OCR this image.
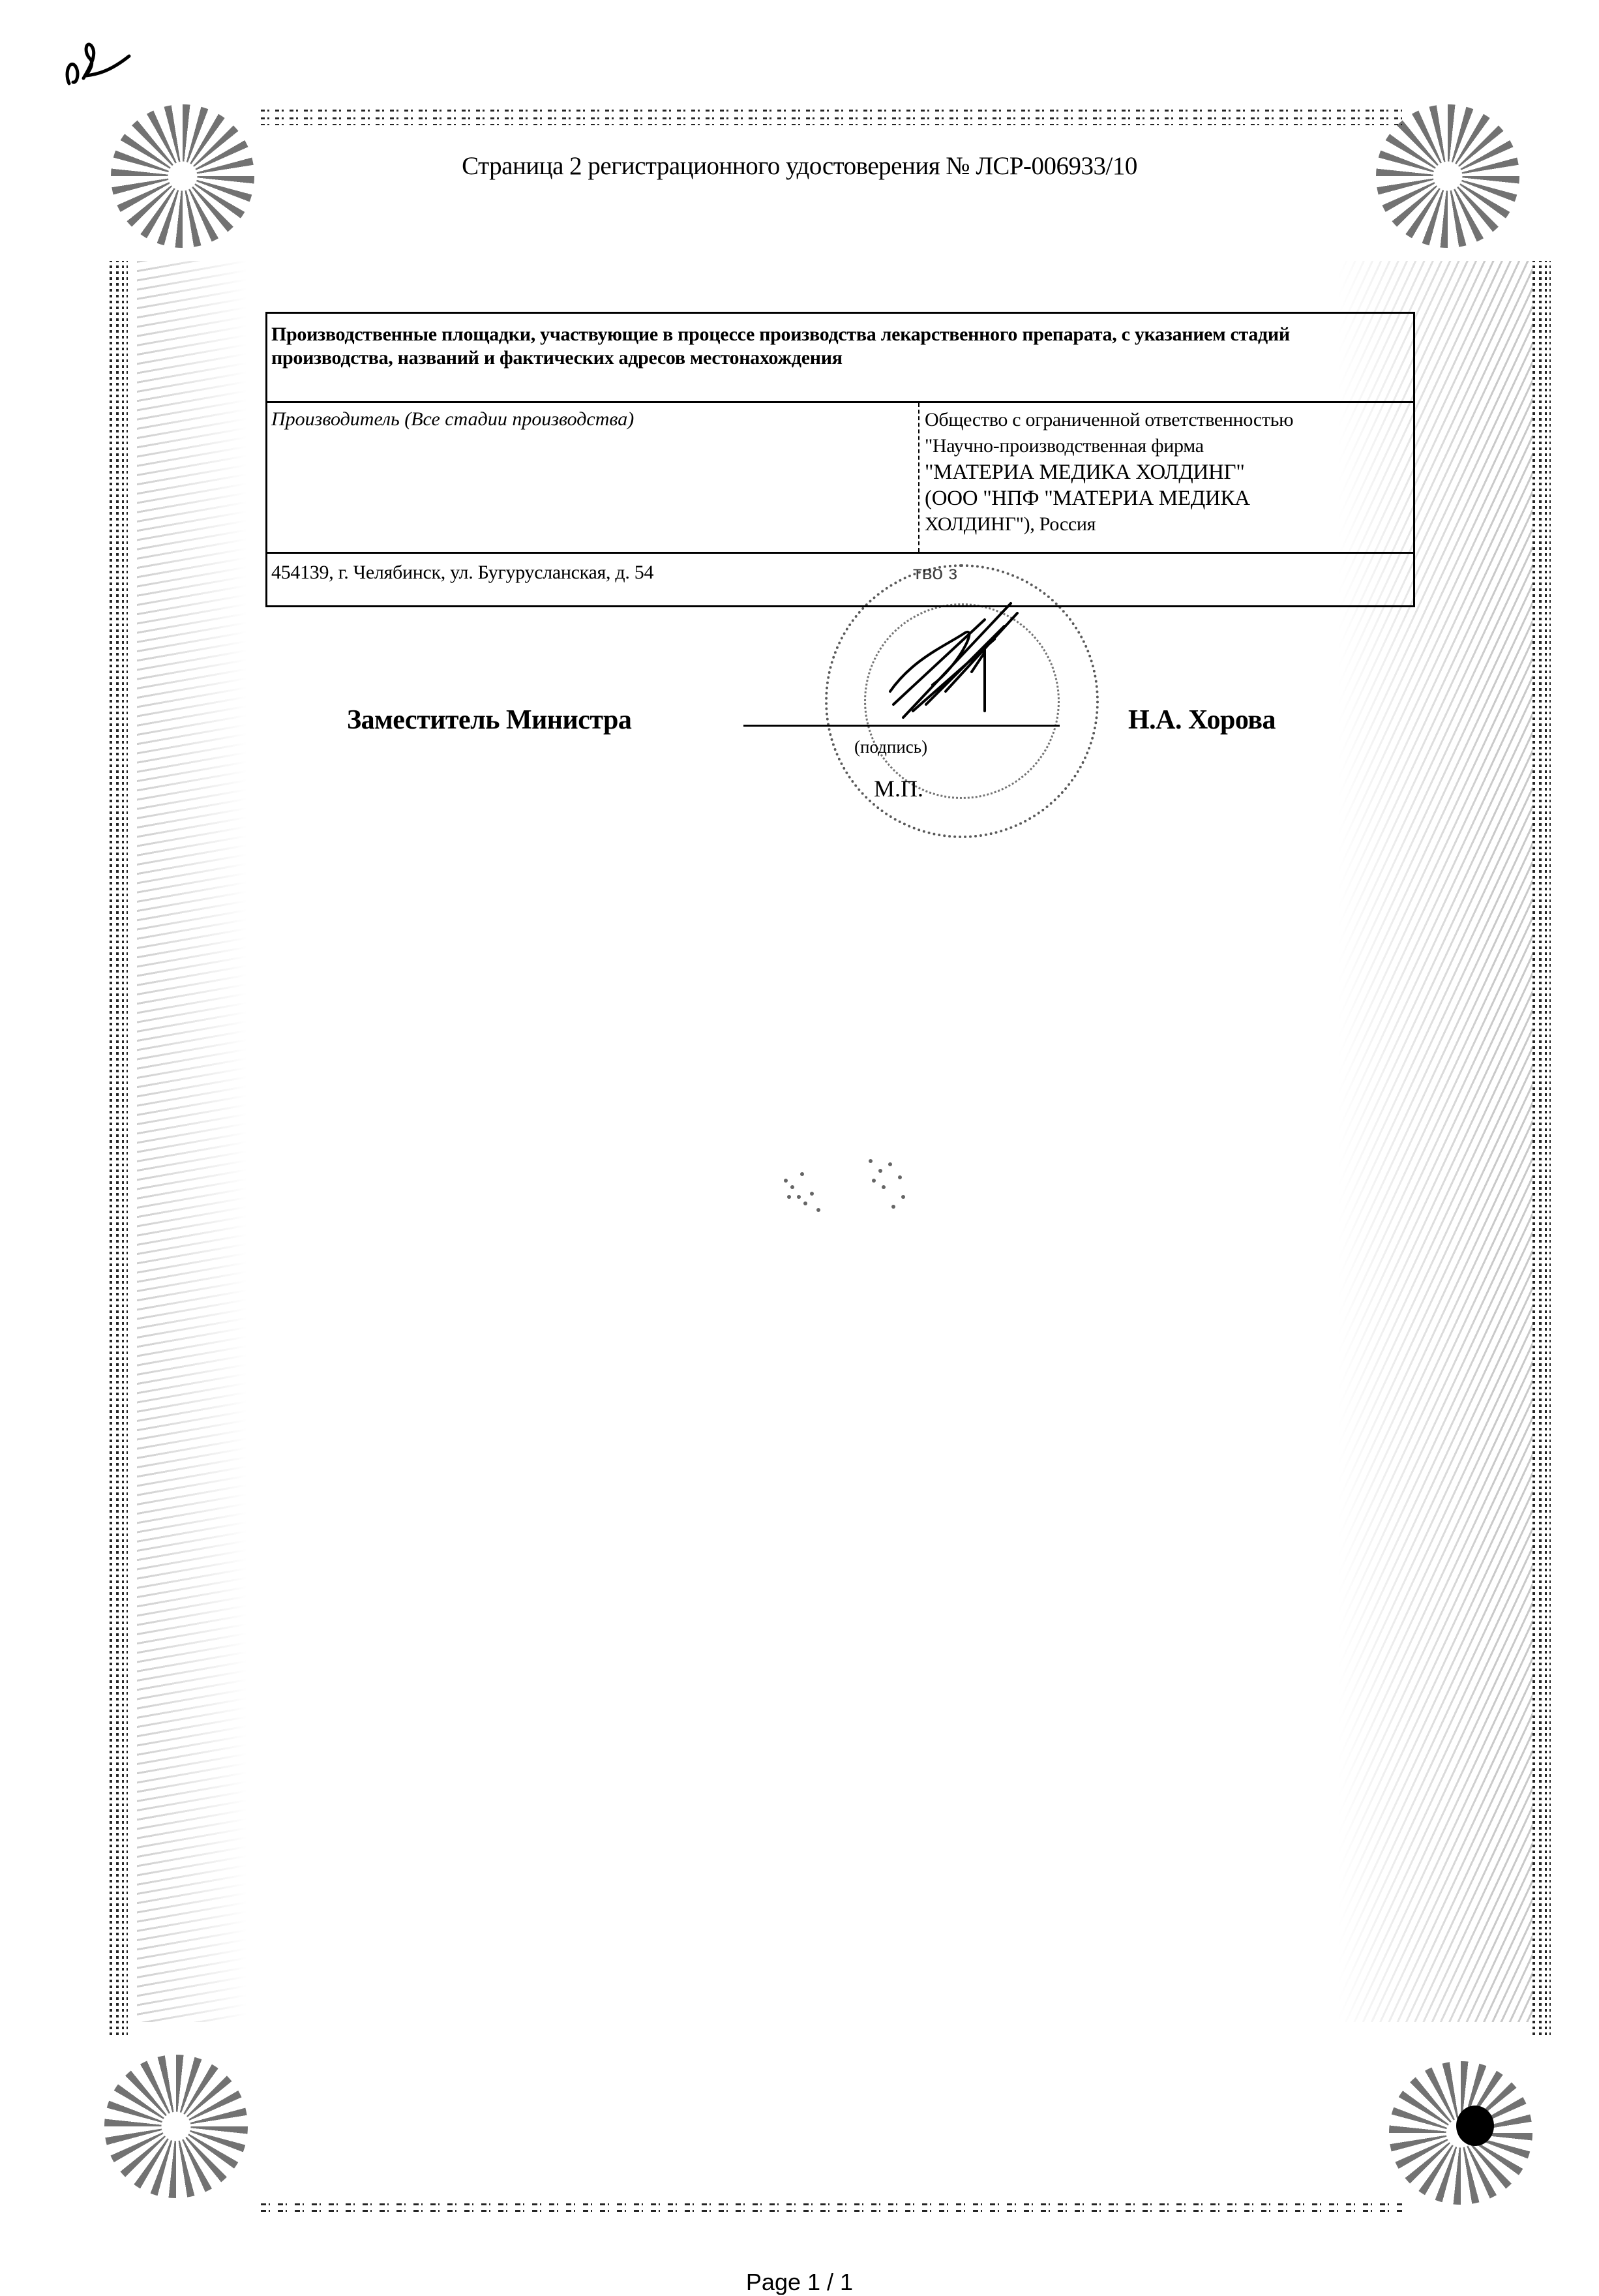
Страница 2 регистрационного удостоверения № ЛСР-006933/10
Производственные площадки, участвующие в процессе производства лекарственного препарата, с указанием стадий производства, названий и фактических адресов местонахождения
Производитель (Все стадии производства)	Общество с ограниченной ответственностью
"Научно-производственная фирма
"МАТЕРИА МЕДИКА ХОЛДИНГ"
(ООО "НПФ "МАТЕРИА МЕДИКА
ХОЛДИНГ"), Россия
454139, г. Челябинск, ул. Бугурусланская, д. 54	тво з
Заместитель Министра
(подпись)
М.П.
Н.А. Хорова
Page 1 / 1
